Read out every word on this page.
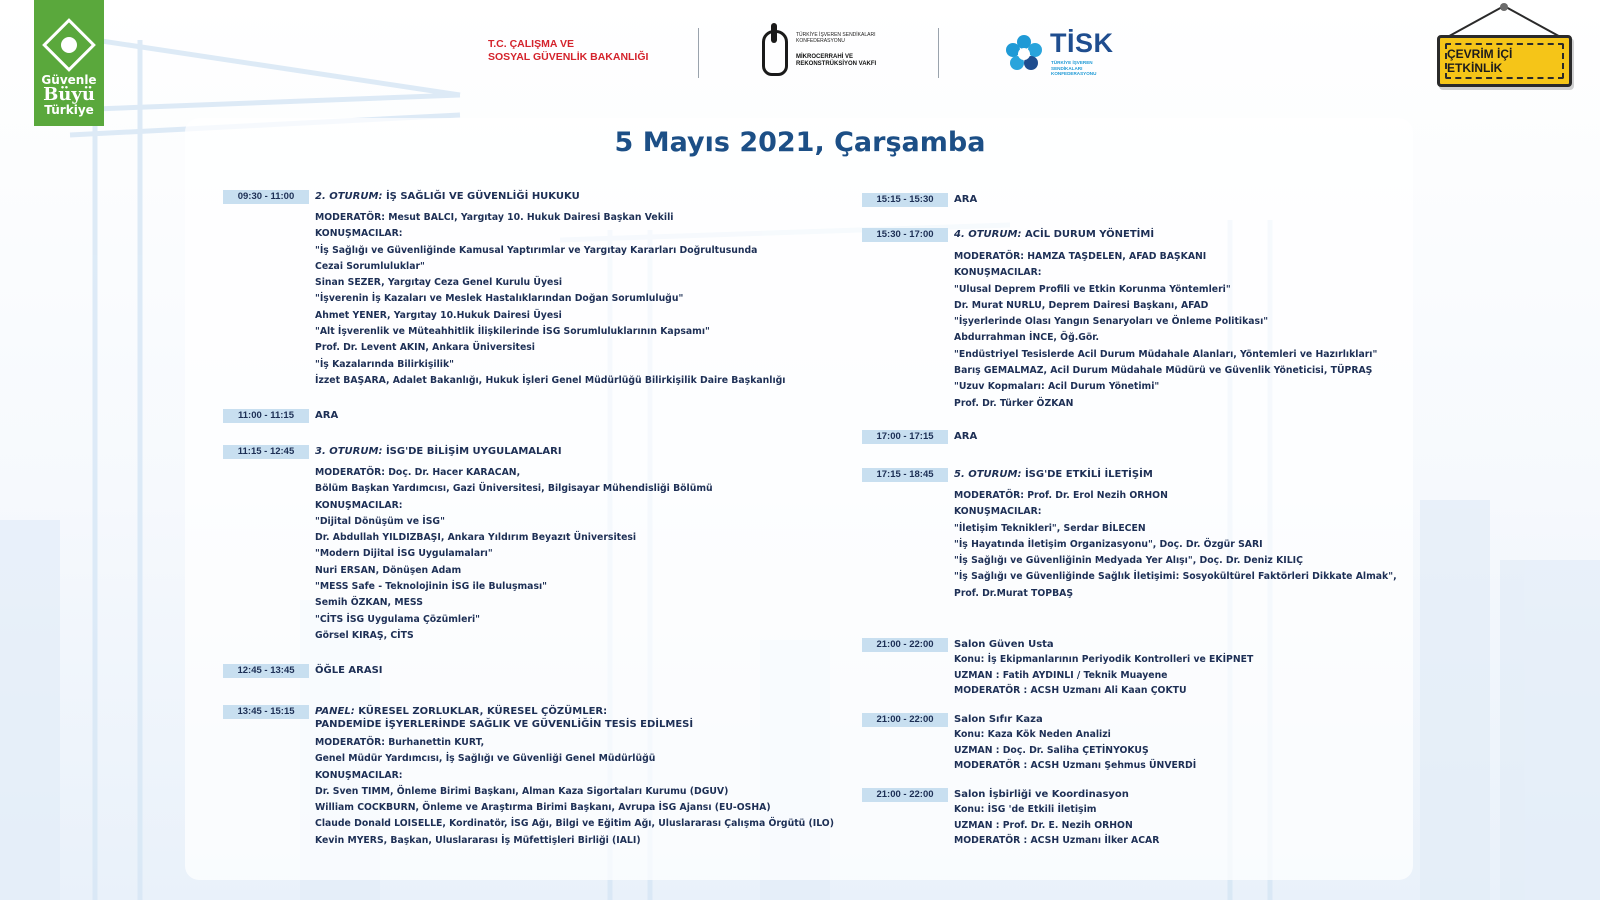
Güvenle
Büyü
Türkiye
T.C. ÇALIŞMA VE
SOSYAL GÜVENLİK BAKANLIĞI
TÜRKİYE İŞVEREN SENDİKALARI KONFEDERASYONU
MİKROCERRAHİ VE REKONSTRÜKSİYON VAKFI
TİSK
TÜRKİYE İŞVEREN SENDİKALARI KONFEDERASYONU
ÇEVRİM İÇİ ETKİNLİK
5 Mayıs 2021, Çarşamba
09:30 - 11:00	2. OTURUM: İŞ SAĞLIĞI VE GÜVENLİĞİ HUKUKU
MODERATÖR: Mesut BALCI, Yargıtay 10. Hukuk Dairesi Başkan Vekili
KONUŞMACILAR:
"İş Sağlığı ve Güvenliğinde Kamusal Yaptırımlar ve Yargıtay Kararları Doğrultusunda
Cezai Sorumluluklar"
Sinan SEZER, Yargıtay Ceza Genel Kurulu Üyesi
"İşverenin İş Kazaları ve Meslek Hastalıklarından Doğan Sorumluluğu"
Ahmet YENER, Yargıtay 10.Hukuk Dairesi Üyesi
"Alt İşverenlik ve Müteahhitlik İlişkilerinde İSG Sorumluluklarının Kapsamı"
Prof. Dr. Levent AKIN, Ankara Üniversitesi
"İş Kazalarında Bilirkişilik"
İzzet BAŞARA, Adalet Bakanlığı, Hukuk İşleri Genel Müdürlüğü Bilirkişilik Daire Başkanlığı
11:00 - 11:15	ARA
11:15 - 12:45	3. OTURUM: İSG'DE BİLİŞİM UYGULAMALARI
MODERATÖR: Doç. Dr. Hacer KARACAN,
Bölüm Başkan Yardımcısı, Gazi Üniversitesi, Bilgisayar Mühendisliği Bölümü
KONUŞMACILAR:
"Dijital Dönüşüm ve İSG"
Dr. Abdullah YILDIZBAŞI, Ankara Yıldırım Beyazıt Üniversitesi
"Modern Dijital İSG Uygulamaları"
Nuri ERSAN, Dönüşen Adam
"MESS Safe - Teknolojinin İSG ile Buluşması"
Semih ÖZKAN, MESS
"CİTS İSG Uygulama Çözümleri"
Görsel KIRAŞ, CİTS
12:45 - 13:45	ÖĞLE ARASI
13:45 - 15:15	PANEL: KÜRESEL ZORLUKLAR, KÜRESEL ÇÖZÜMLER:
PANDEMİDE İŞYERLERİNDE SAĞLIK VE GÜVENLİĞİN TESİS EDİLMESİ
MODERATÖR: Burhanettin KURT,
Genel Müdür Yardımcısı, İş Sağlığı ve Güvenliği Genel Müdürlüğü
KONUŞMACILAR:
Dr. Sven TIMM, Önleme Birimi Başkanı, Alman Kaza Sigortaları Kurumu (DGUV)
William COCKBURN, Önleme ve Araştırma Birimi Başkanı, Avrupa İSG Ajansı (EU-OSHA)
Claude Donald LOISELLE, Kordinatör, İSG Ağı, Bilgi ve Eğitim Ağı, Uluslararası Çalışma Örgütü (ILO)
Kevin MYERS, Başkan, Uluslararası İş Müfettişleri Birliği (IALI)
15:15 - 15:30	ARA
15:30 - 17:00	4. OTURUM: ACİL DURUM YÖNETİMİ
MODERATÖR: HAMZA TAŞDELEN, AFAD BAŞKANI
KONUŞMACILAR:
"Ulusal Deprem Profili ve Etkin Korunma Yöntemleri"
Dr. Murat NURLU, Deprem Dairesi Başkanı, AFAD
"İşyerlerinde Olası Yangın Senaryoları ve Önleme Politikası"
Abdurrahman İNCE, Öğ.Gör.
"Endüstriyel Tesislerde Acil Durum Müdahale Alanları, Yöntemleri ve Hazırlıkları"
Barış GEMALMAZ, Acil Durum Müdahale Müdürü ve Güvenlik Yöneticisi, TÜPRAŞ
"Uzuv Kopmaları: Acil Durum Yönetimi"
Prof. Dr. Türker ÖZKAN
17:00 - 17:15	ARA
17:15 - 18:45	5. OTURUM: İSG'DE ETKİLİ İLETİŞİM
MODERATÖR: Prof. Dr. Erol Nezih ORHON
KONUŞMACILAR:
"İletişim Teknikleri", Serdar BİLECEN
"İş Hayatında İletişim Organizasyonu", Doç. Dr. Özgür SARI
"İş Sağlığı ve Güvenliğinin Medyada Yer Alışı", Doç. Dr. Deniz KILIÇ
"İş Sağlığı ve Güvenliğinde Sağlık İletişimi: Sosyokültürel Faktörleri Dikkate Almak",
Prof. Dr.Murat TOPBAŞ
21:00 - 22:00	Salon Güven Usta
Konu: İş Ekipmanlarının Periyodik Kontrolleri ve EKİPNET
UZMAN : Fatih AYDINLI / Teknik Muayene
MODERATÖR : ACSH Uzmanı Ali Kaan ÇOKTU
21:00 - 22:00	Salon Sıfır Kaza
Konu: Kaza Kök Neden Analizi
UZMAN : Doç. Dr. Saliha ÇETİNYOKUŞ
MODERATÖR : ACSH Uzmanı Şehmus ÜNVERDİ
21:00 - 22:00	Salon İşbirliği ve Koordinasyon
Konu: İSG 'de Etkili İletişim
UZMAN : Prof. Dr. E. Nezih ORHON
MODERATÖR : ACSH Uzmanı İlker ACAR
